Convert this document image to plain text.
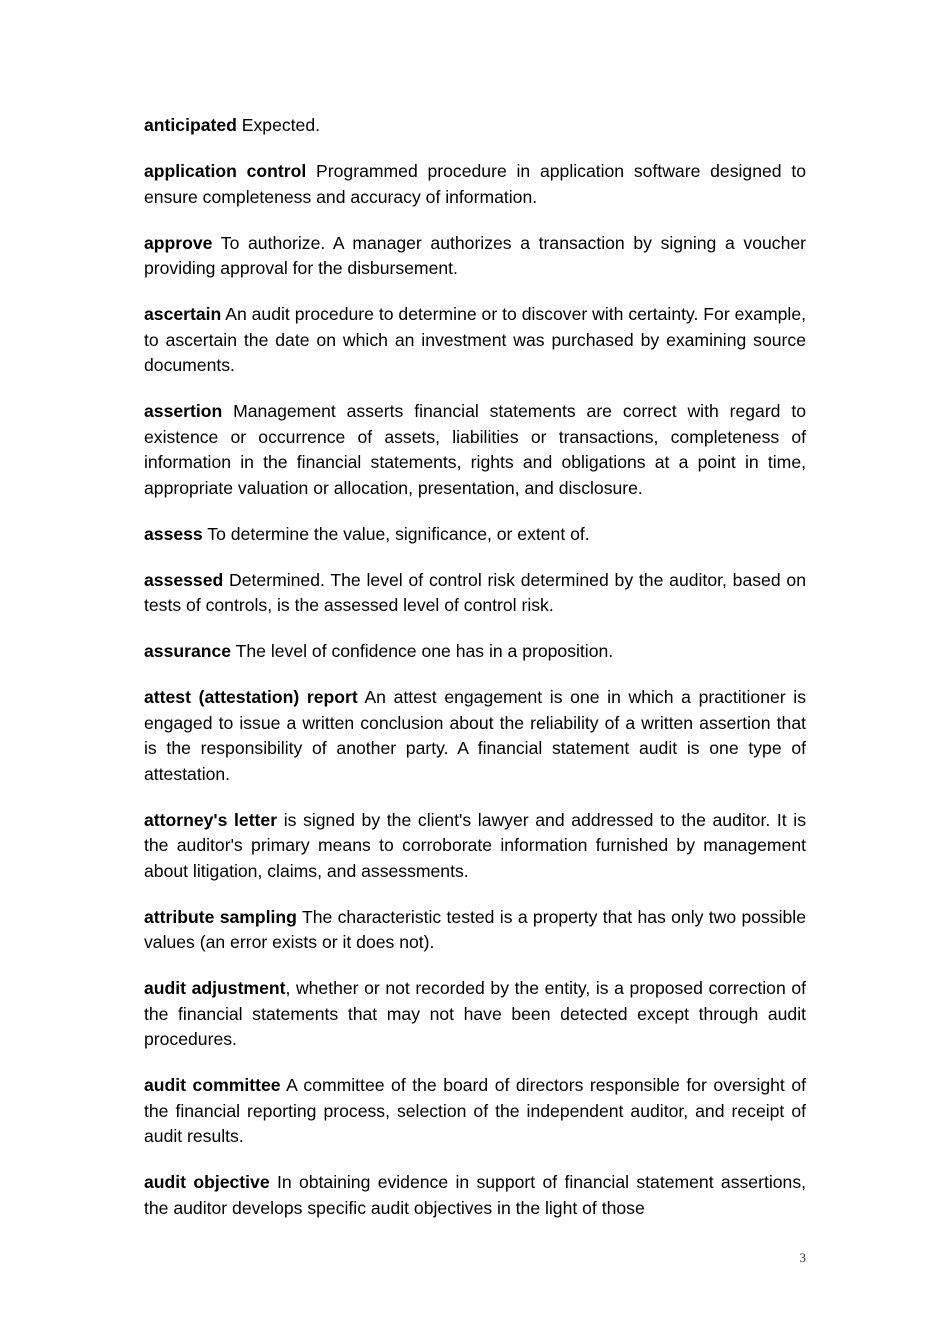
anticipated Expected.

application control Programmed procedure in application software designed to ensure completeness and accuracy of information.

approve To authorize. A manager authorizes a transaction by signing a voucher providing approval for the disbursement.

ascertain An audit procedure to determine or to discover with certainty. For example, to ascertain the date on which an investment was purchased by examining source documents.

assertion Management asserts financial statements are correct with regard to existence or occurrence of assets, liabilities or transactions, completeness of information in the financial statements, rights and obligations at a point in time, appropriate valuation or allocation, presentation, and disclosure.

assess To determine the value, significance, or extent of.

assessed Determined. The level of control risk determined by the auditor, based on tests of controls, is the assessed level of control risk.

assurance The level of confidence one has in a proposition.

attest (attestation) report An attest engagement is one in which a practitioner is engaged to issue a written conclusion about the reliability of a written assertion that is the responsibility of another party. A financial statement audit is one type of attestation.

attorney's letter is signed by the client's lawyer and addressed to the auditor. It is the auditor's primary means to corroborate information furnished by management about litigation, claims, and assessments.

attribute sampling The characteristic tested is a property that has only two possible values (an error exists or it does not).

audit adjustment, whether or not recorded by the entity, is a proposed correction of the financial statements that may not have been detected except through audit procedures.

audit committee A committee of the board of directors responsible for oversight of the financial reporting process, selection of the independent auditor, and receipt of audit results.

audit objective In obtaining evidence in support of financial statement assertions, the auditor develops specific audit objectives in the light of those

3
